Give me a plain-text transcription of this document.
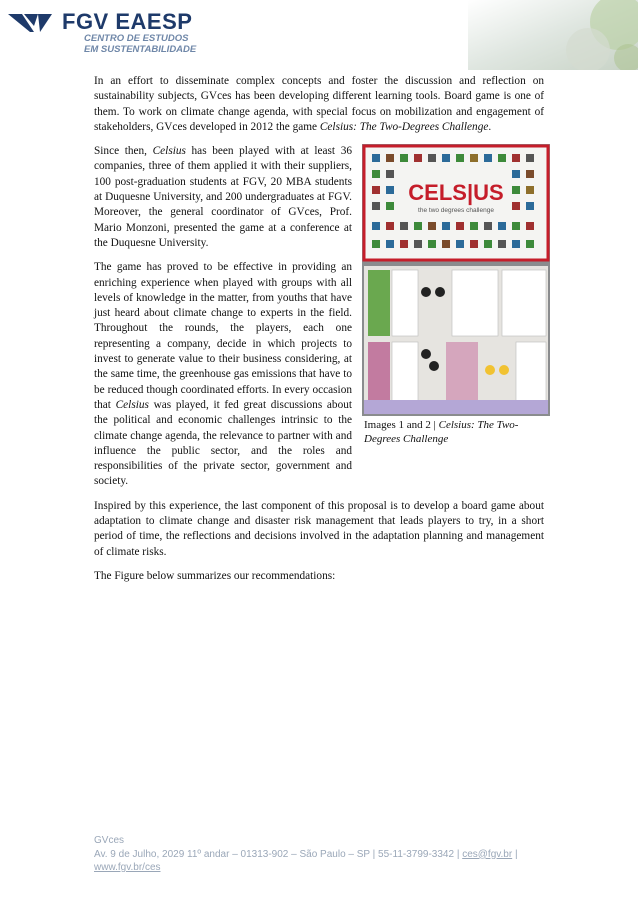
FGV EAESP
CENTRO DE ESTUDOS
EM SUSTENTABILIDADE

In an effort to disseminate complex concepts and foster the discussion and reflection on sustainability subjects, GVces has been developing different learning tools. Board game is one of them. To work on climate change agenda, with special focus on mobilization and engagement of stakeholders, GVces developed in 2012 the game Celsius: The Two-Degrees Challenge.

Since then, Celsius has been played with at least 36 companies, three of them applied it with their suppliers, 100 post-graduation students at FGV, 20 MBA students at Duquesne University, and 200 undergraduates at FGV. Moreover, the general coordinator of GVces, Prof. Mario Monzoni, presented the game at a conference at the Duquesne University.

The game has proved to be effective in providing an enriching experience when played with groups with all levels of knowledge in the matter, from youths that have just heard about climate change to experts in the field. Throughout the rounds, the players, each one representing a company, decide in which projects to invest to generate value to their business considering, at the same time, the greenhouse gas emissions that have to be reduced though coordinated efforts. In every occasion that Celsius was played, it fed great discussions about the political and economic challenges intrinsic to the climate change agenda, the relevance to partner with and influence the public sector, and the roles and responsibilities of the private sector, government and society.

CELS|US
the two degrees challenge
Images 1 and 2 | Celsius: The Two-Degrees Challenge

Inspired by this experience, the last component of this proposal is to develop a board game about adaptation to climate change and disaster risk management that leads players to try, in a short period of time, the reflections and decisions involved in the adaptation planning and management of climate risks.

The Figure below summarizes our recommendations:

GVces
Av. 9 de Julho, 2029 11º andar – 01313-902 – São Paulo – SP | 55-11-3799-3342 | ces@fgv.br |
www.fgv.br/ces
